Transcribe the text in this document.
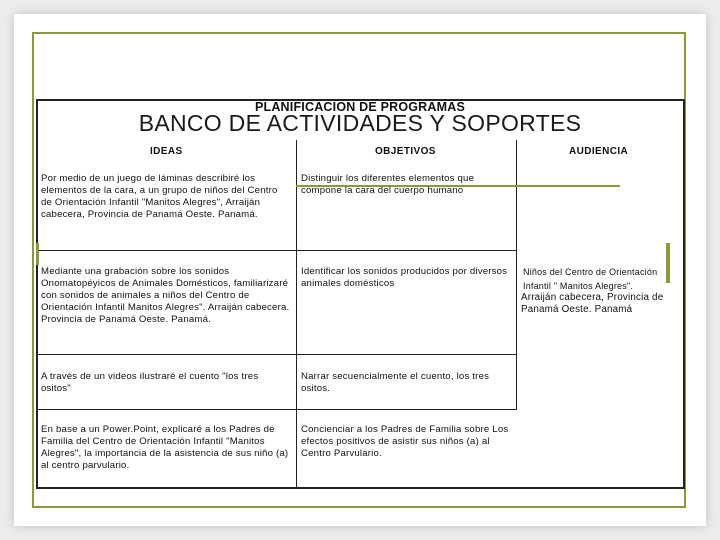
PLANIFICACION DE PROGRAMAS
BANCO DE ACTIVIDADES Y SOPORTES
IDEAS	OBJETIVOS	AUDIENCIA
Por medio de un juego de láminas describiré los elementos de la cara, a un grupo de niños del Centro de Orientación Infantil "Manitos Alegres", Arraiján cabecera, Provincia de Panamá Oeste. Panamá.
Distinguir los diferentes elementos que compone la cara del cuerpo humano
Mediante una grabación sobre los sonidos Onomatopéyicos de Animales Domésticos, familiarizaré con sonidos de animales a niños del Centro de Orientación Infantil Manitos Alegres". Arraiján cabecera. Provincia de Panamá Oeste. Panamá.
Identificar los sonidos producidos por diversos animales domésticos
A través de un videos ilustraré el cuento "los tres ositos"
Narrar secuencialmente el cuento, los tres ositos.
En base a un Power.Point, explicaré a los Padres de Familia del Centro de Orientación Infantil "Manitos Alegres", la importancia de la asistencia de sus niño (a) al centro parvulario.
Concienciar a los Padres de Familia sobre Los efectos positivos de asistir sus niños (a) al Centro Parvulario.
Niños del Centro de Orientación Infantil " Manitos Alegres".
Arraiján cabecera, Provincia de Panamá Oeste. Panamá
